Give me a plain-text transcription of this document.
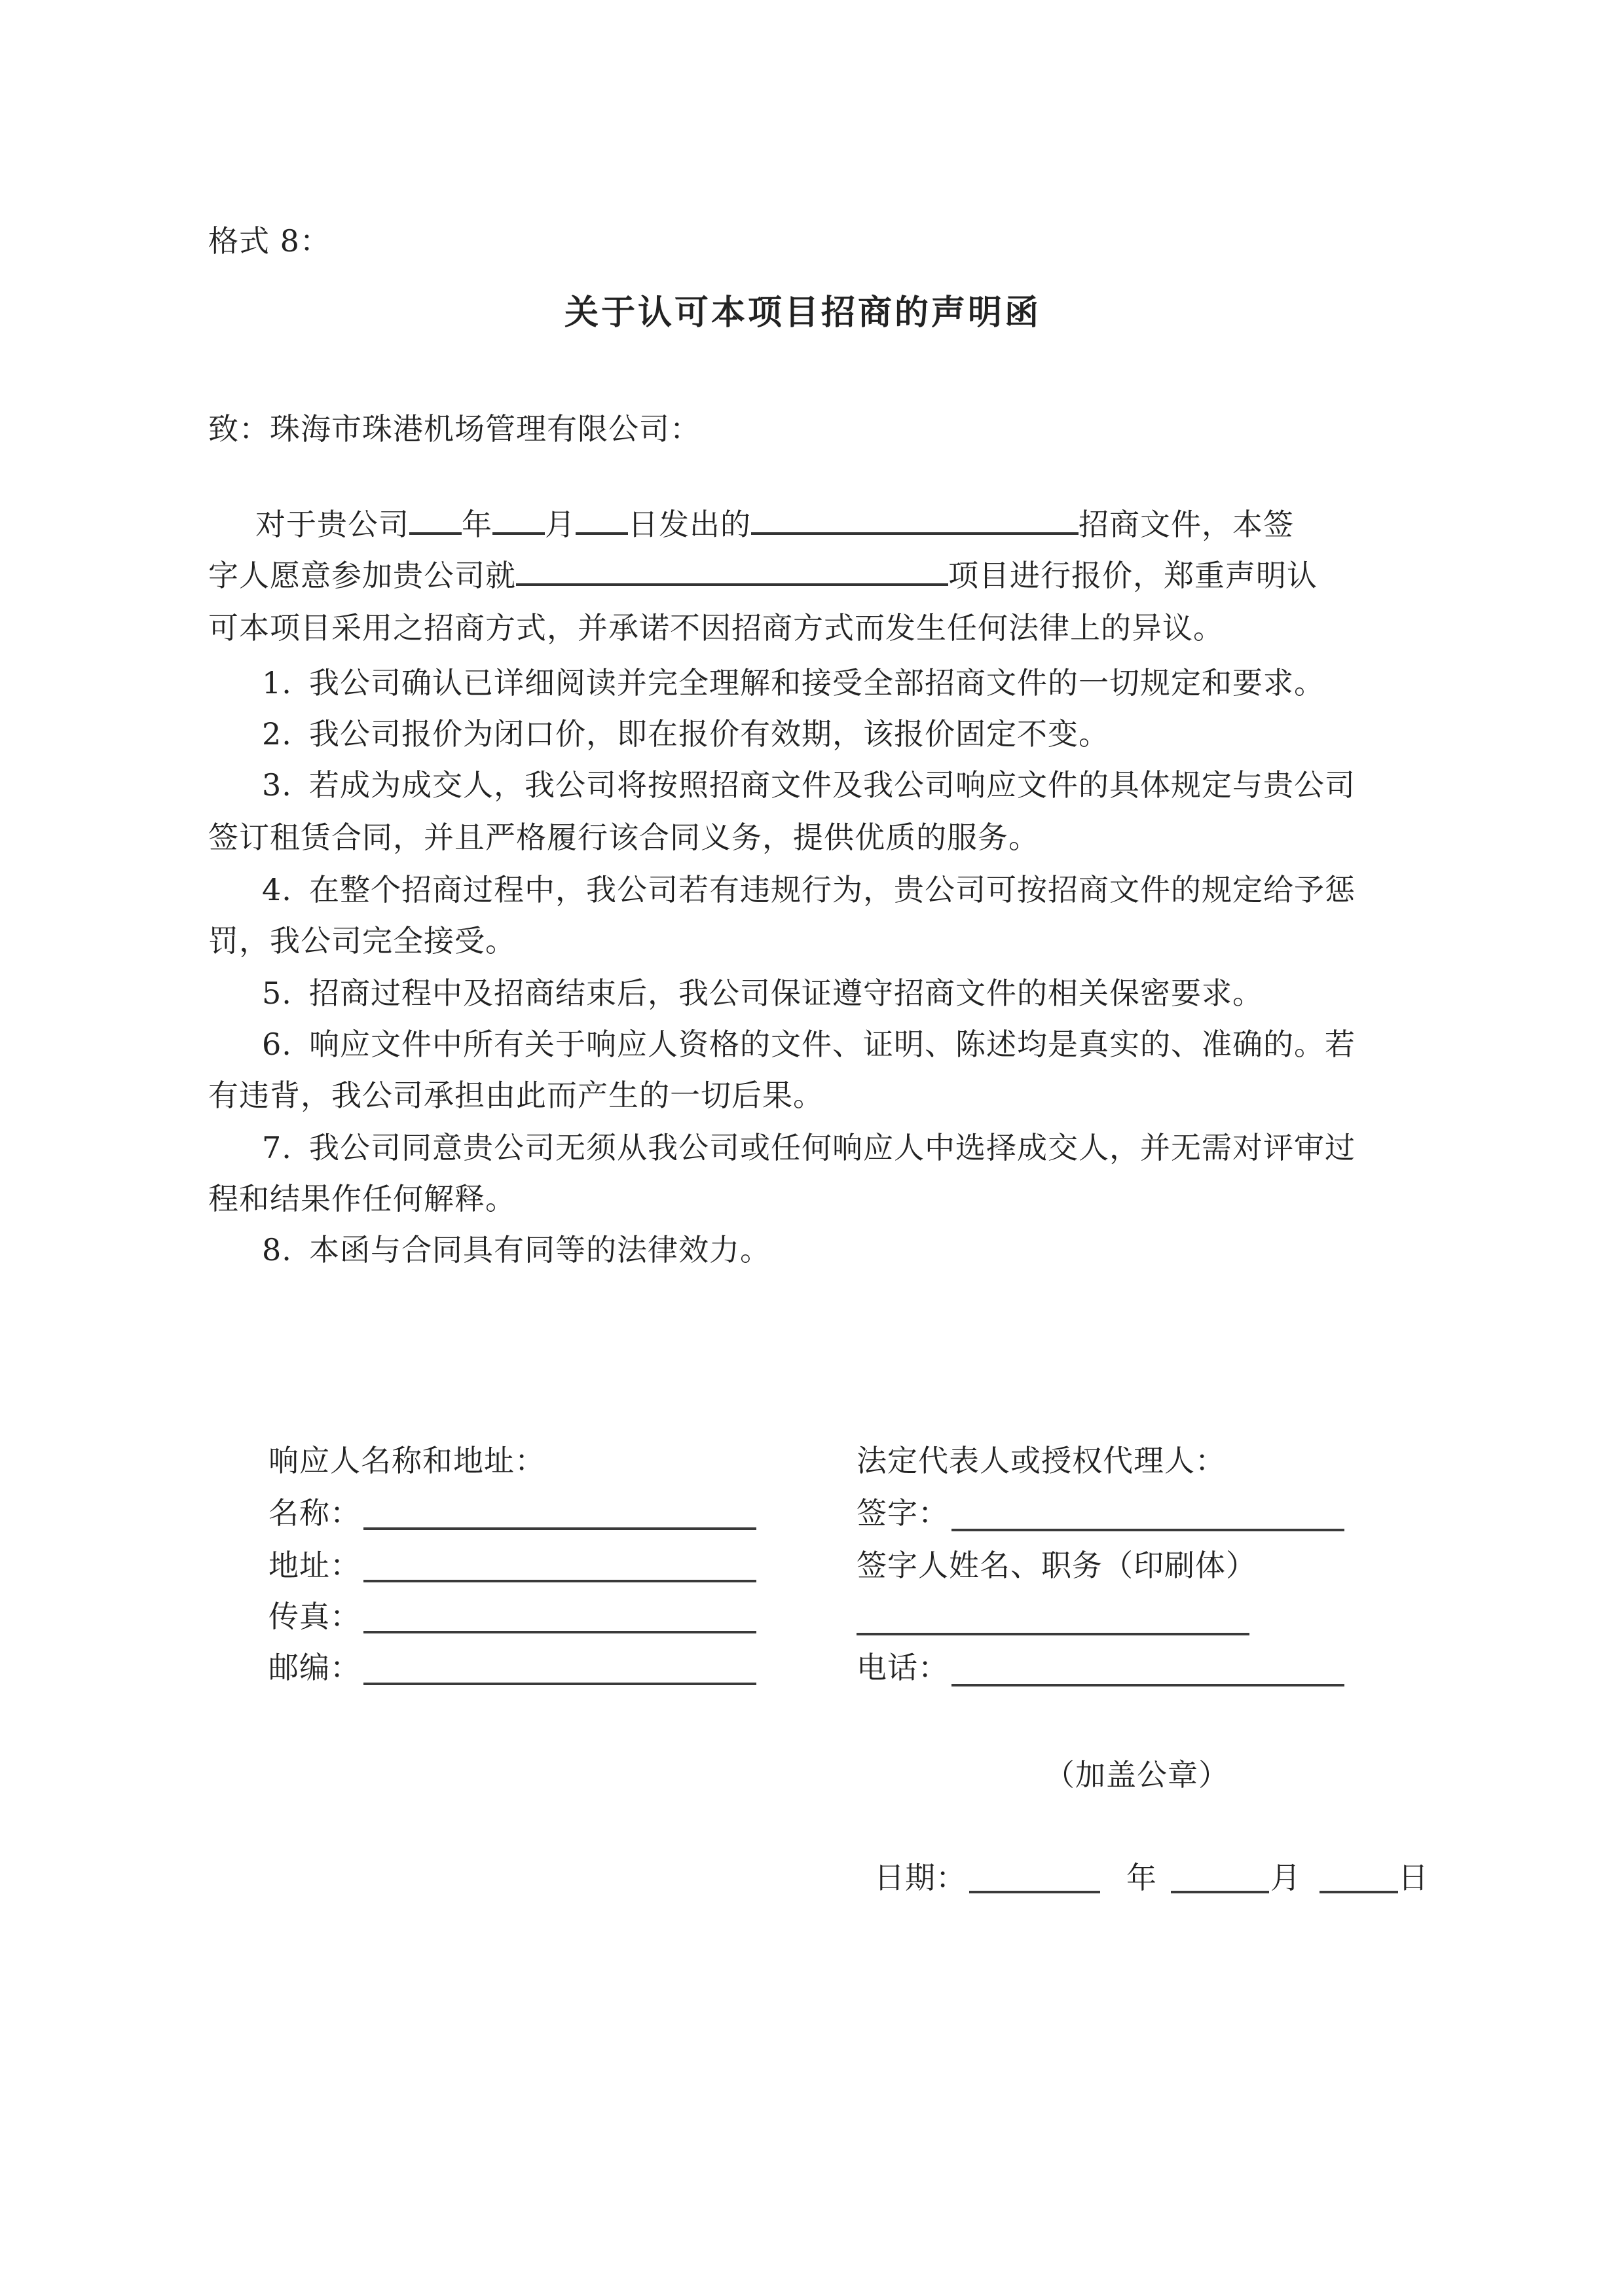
格式 8：
关于认可本项目招商的声明函
致：珠海市珠港机场管理有限公司：
对于贵公司 年 月 日发出的	招商文件，本签
字人愿意参加贵公司就	项目进行报价，郑重声明认
可本项目采用之招商方式，并承诺不因招商方式而发生任何法律上的异议。
1. 我公司确认已详细阅读并完全理解和接受全部招商文件的一切规定和要求。
2. 我公司报价为闭口价，即在报价有效期，该报价固定不变。
3. 若成为成交人，我公司将按照招商文件及我公司响应文件的具体规定与贵公司
签订租赁合同，并且严格履行该合同义务，提供优质的服务。
4. 在整个招商过程中，我公司若有违规行为，贵公司可按招商文件的规定给予惩
罚，我公司完全接受。
5. 招商过程中及招商结束后，我公司保证遵守招商文件的相关保密要求。
6. 响应文件中所有关于响应人资格的文件、证明、陈述均是真实的、准确的。若
有违背，我公司承担由此而产生的一切后果。
7. 我公司同意贵公司无须从我公司或任何响应人中选择成交人，并无需对评审过
程和结果作任何解释。
8. 本函与合同具有同等的法律效力。
响应人名称和地址：
名称：
地址：
传真：
邮编：
法定代表人或授权代理人：
签字：
签字人姓名、职务（印刷体）
电话：
（加盖公章）
日期：	年	月	日
